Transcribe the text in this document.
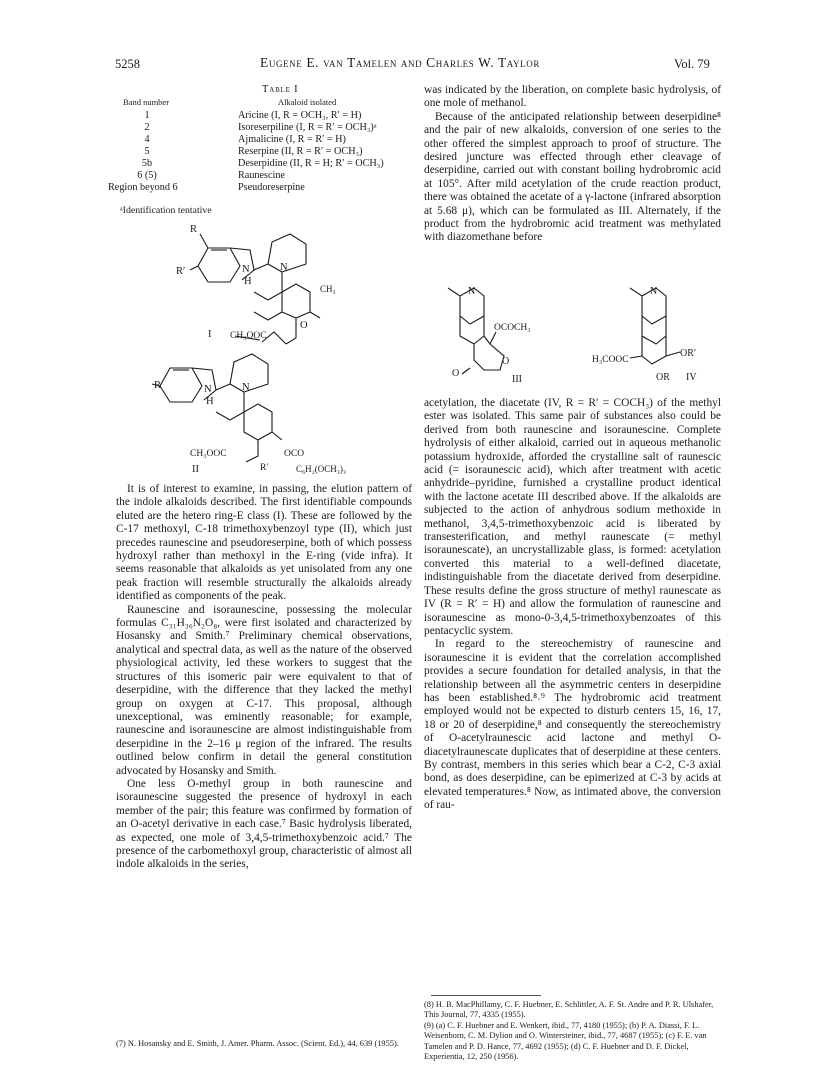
5258	Eugene E. van Tamelen and Charles W. Taylor	Vol. 79
Table I
Band number	Alkaloid isolated
1	Aricine (I, R = OCH₃, R′ = H)
2	Isoreserpiline (I, R = R′ = OCH₃)ᵃ
4	Ajmalicine (I, R = R′ = H)
5	Reserpine (II, R = R′ = OCH₃)
5b	Deserpidine (II, R = H; R′ = OCH₃)
6 (5)	Raunescine
Region beyond 6	Pseudoreserpine
ᵃIdentification tentative
R
R′	N
H
N
CH₃
O
CH₃OOC
I
R	N
H
N
CH₃OOC	OCO
R′	C₆H₂(OCH₃)₃
II
N
OCOCH₃
O
O
III
N
H₃COOC
OR′
OR IV

It is of interest to examine, in passing, the elution pattern of the indole alkaloids described. The first identifiable compounds eluted are the hetero ring-E class (I). These are followed by the C-17 methoxyl, C-18 trimethoxybenzoyl type (II), which just precedes raunescine and pseudoreserpine, both of which possess hydroxyl rather than methoxyl in the E-ring (vide infra). It seems reasonable that alkaloids as yet unisolated from any one peak fraction will resemble structurally the alkaloids already identified as components of the peak.

Raunescine and isoraunescine, possessing the molecular formulas C₃₁H₃₆N₂O₈, were first isolated and characterized by Hosansky and Smith.⁷ Preliminary chemical observations, analytical and spectral data, as well as the nature of the observed physiological activity, led these workers to suggest that the structures of this isomeric pair were equivalent to that of deserpidine, with the difference that they lacked the methyl group on oxygen at C-17. This proposal, although unexceptional, was eminently reasonable; for example, raunescine and isoraunescine are almost indistinguishable from deserpidine in the 2–16 μ region of the infrared. The results outlined below confirm in detail the general constitution advocated by Hosansky and Smith.

One less O-methyl group in both raunescine and isoraunescine suggested the presence of hydroxyl in each member of the pair; this feature was confirmed by formation of an O-acetyl derivative in each case.⁷ Basic hydrolysis liberated, as expected, one mole of 3,4,5-trimethoxybenzoic acid.⁷ The presence of the carbomethoxyl group, characteristic of almost all indole alkaloids in the series,

(7) N. Hosansky and E. Smith, J. Amer. Pharm. Assoc. (Scient. Ed.), 44, 639 (1955).

was indicated by the liberation, on complete basic hydrolysis, of one mole of methanol.

Because of the anticipated relationship between deserpidine⁸ and the pair of new alkaloids, conversion of one series to the other offered the simplest approach to proof of structure. The desired juncture was effected through ether cleavage of deserpidine, carried out with constant boiling hydrobromic acid at 105°. After mild acetylation of the crude reaction product, there was obtained the acetate of a γ-lactone (infrared absorption at 5.68 μ), which can be formulated as III. Alternately, if the product from the hydrobromic acid treatment was methylated with diazomethane before

acetylation, the diacetate (IV, R = R′ = COCH₃) of the methyl ester was isolated. This same pair of substances also could be derived from both raunescine and isoraunescine. Complete hydrolysis of either alkaloid, carried out in aqueous methanolic potassium hydroxide, afforded the crystalline salt of raunescic acid (= isoraunescic acid), which after treatment with acetic anhydride–pyridine, furnished a crystalline product identical with the lactone acetate III described above. If the alkaloids are subjected to the action of anhydrous sodium methoxide in methanol, 3,4,5-trimethoxybenzoic acid is liberated by transesterification, and methyl raunescate (= methyl isoraunescate), an uncrystallizable glass, is formed: acetylation converted this material to a well-defined diacetate, indistinguishable from the diacetate derived from deserpidine. These results define the gross structure of methyl raunescate as IV (R = R′ = H) and allow the formulation of raunescine and isoraunescine as mono-0-3,4,5-trimethoxybenzoates of this pentacyclic system.

In regard to the stereochemistry of raunescine and isoraunescine it is evident that the correlation accomplished provides a secure foundation for detailed analysis, in that the relationship between all the asymmetric centers in deserpidine has been established.⁸˒⁹ The hydrobromic acid treatment employed would not be expected to disturb centers 15, 16, 17, 18 or 20 of deserpidine,⁸ and consequently the stereochemistry of O-acetylraunescic acid lactone and methyl O-diacetylraunescate duplicates that of deserpidine at these centers. By contrast, members in this series which bear a C-2, C-3 axial bond, as does deserpidine, can be epimerized at C-3 by acids at elevated temperatures.⁸ Now, as intimated above, the conversion of rau-

(8) H. B. MacPhillamy, C. F. Huebner, E. Schlittler, A. F. St. Andre and P. R. Ulshafer, This Journal, 77, 4335 (1955).
(9) (a) C. F. Huebner and E. Wenkert, ibid., 77, 4180 (1955); (b) P. A. Diassi, F. L. Weisenborn, C. M. Dylion and O. Wintersteiner, ibid., 77, 4687 (1955); (c) F. E. van Tamelen and P. D. Hance, 77, 4692 (1955); (d) C. F. Huebner and D. F. Dickel, Experientia, 12, 250 (1956).
